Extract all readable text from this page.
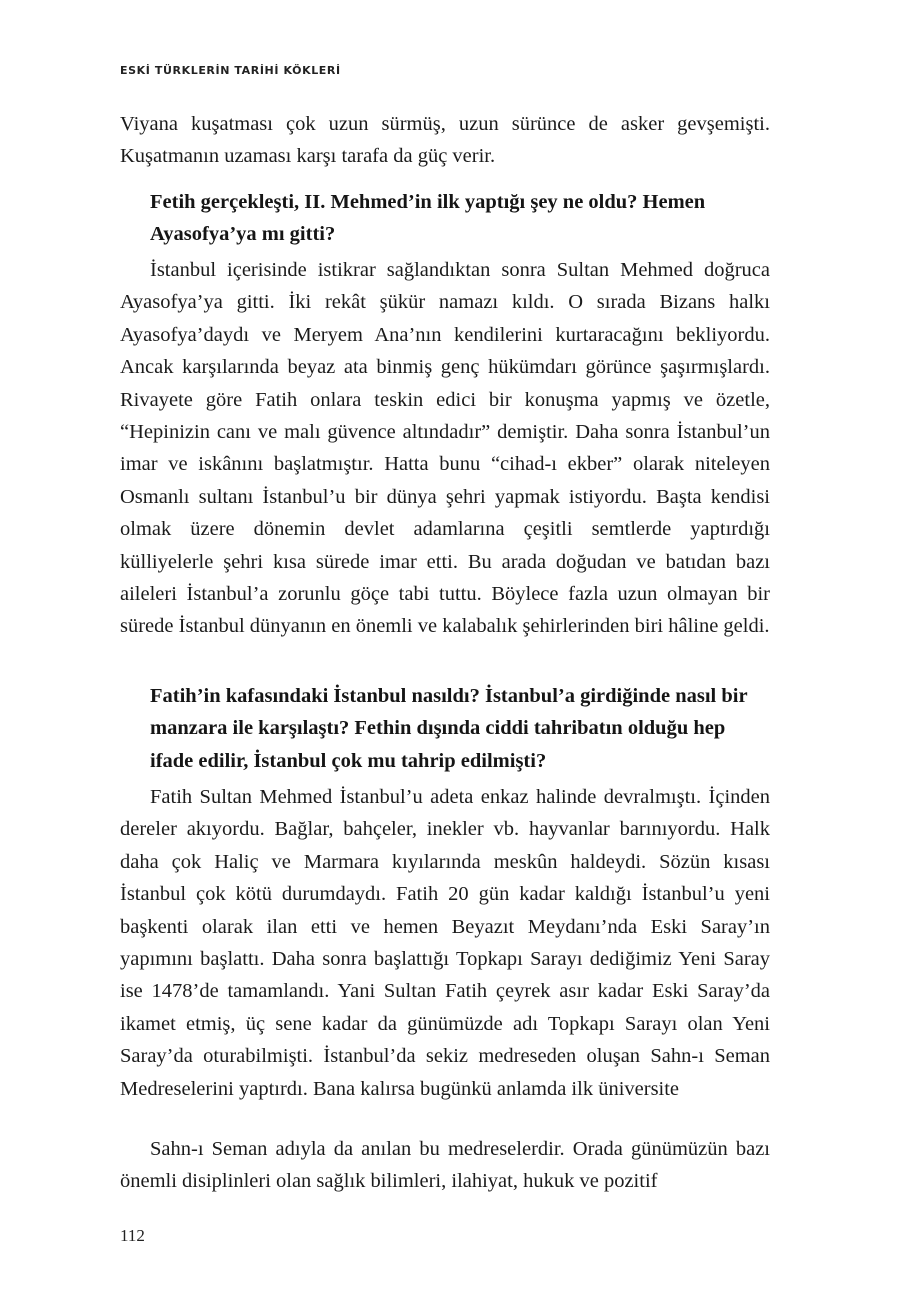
ESKİ TÜRKLERİN TARİHİ KÖKLERİ

Viyana kuşatması çok uzun sürmüş, uzun sürünce de asker gevşemişti. Kuşatmanın uzaması karşı tarafa da güç verir.

Fetih gerçekleşti, II. Mehmed’in ilk yaptığı şey ne oldu? Hemen Ayasofya’ya mı gitti?

İstanbul içerisinde istikrar sağlandıktan sonra Sultan Mehmed doğruca Ayasofya’ya gitti. İki rekât şükür namazı kıldı. O sırada Bizans halkı Ayasofya’daydı ve Meryem Ana’nın kendilerini kurtaracağını bekliyordu. Ancak karşılarında beyaz ata binmiş genç hükümdarı görünce şaşırmışlardı. Rivayete göre Fatih onlara teskin edici bir konuşma yapmış ve özetle, “Hepinizin canı ve malı güvence altındadır” demiştir. Daha sonra İstanbul’un imar ve iskânını başlatmıştır. Hatta bunu “cihad-ı ekber” olarak niteleyen Osmanlı sultanı İstanbul’u bir dünya şehri yapmak istiyordu. Başta kendisi olmak üzere dönemin devlet adamlarına çeşitli semtlerde yaptırdığı külliyelerle şehri kısa sürede imar etti. Bu arada doğudan ve batıdan bazı aileleri İstanbul’a zorunlu göçe tabi tuttu. Böylece fazla uzun olmayan bir sürede İstanbul dünyanın en önemli ve kalabalık şehirlerinden biri hâline geldi.

Fatih’in kafasındaki İstanbul nasıldı? İstanbul’a girdiğinde nasıl bir manzara ile karşılaştı? Fethin dışında ciddi tahribatın olduğu hep ifade edilir, İstanbul çok mu tahrip edilmişti?

Fatih Sultan Mehmed İstanbul’u adeta enkaz halinde devralmıştı. İçinden dereler akıyordu. Bağlar, bahçeler, inekler vb. hayvanlar barınıyordu. Halk daha çok Haliç ve Marmara kıyılarında meskûn haldeydi. Sözün kısası İstanbul çok kötü durumdaydı. Fatih 20 gün kadar kaldığı İstanbul’u yeni başkenti olarak ilan etti ve hemen Beyazıt Meydanı’nda Eski Saray’ın yapımını başlattı. Daha sonra başlattığı Topkapı Sarayı dediğimiz Yeni Saray ise 1478’de tamamlandı. Yani Sultan Fatih çeyrek asır kadar Eski Saray’da ikamet etmiş, üç sene kadar da günümüzde adı Topkapı Sarayı olan Yeni Saray’da oturabilmişti. İstanbul’da sekiz medreseden oluşan Sahn-ı Seman Medreselerini yaptırdı. Bana kalırsa bugünkü anlamda ilk üniversite

Sahn-ı Seman adıyla da anılan bu medreselerdir. Orada günümüzün bazı önemli disiplinleri olan sağlık bilimleri, ilahiyat, hukuk ve pozitif

112
